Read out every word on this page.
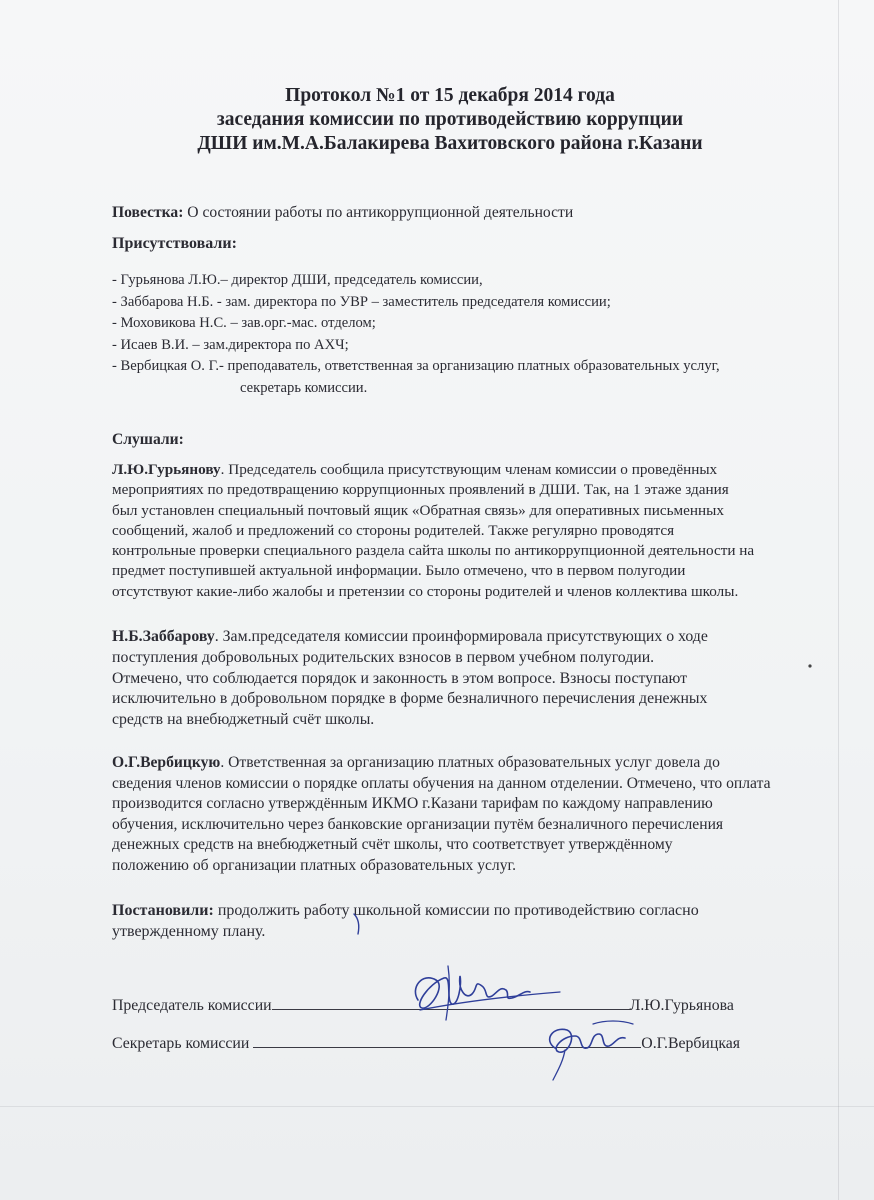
Протокол №1 от 15 декабря 2014 года
заседания комиссии по противодействию коррупции
ДШИ им.М.А.Балакирева Вахитовского района г.Казани
Повестка: О состоянии работы по антикоррупционной деятельности
Присутствовали:
- Гурьянова Л.Ю.– директор ДШИ, председатель комиссии,
- Заббарова Н.Б. - зам. директора по УВР – заместитель председателя комиссии;
- Моховикова Н.С. – зав.орг.-мас. отделом;
- Исаев В.И. – зам.директора по АХЧ;
- Вербицкая О. Г.- преподаватель, ответственная за организацию платных образовательных услуг,
секретарь комиссии.
Слушали:
Л.Ю.Гурьянову. Председатель сообщила присутствующим членам комиссии о проведённых
мероприятиях по предотвращению коррупционных проявлений в ДШИ. Так, на 1 этаже здания
был установлен специальный почтовый ящик «Обратная связь» для оперативных письменных
сообщений, жалоб и предложений со стороны родителей. Также регулярно проводятся
контрольные проверки специального раздела сайта школы по антикоррупционной деятельности на
предмет поступившей актуальной информации. Было отмечено, что в первом полугодии
отсутствуют какие-либо жалобы и претензии со стороны родителей и членов коллектива школы.
Н.Б.Заббарову. Зам.председателя комиссии проинформировала присутствующих о ходе
поступления добровольных родительских взносов в первом учебном полугодии.
Отмечено, что соблюдается порядок и законность в этом вопросе. Взносы поступают
исключительно в добровольном порядке в форме безналичного перечисления денежных
средств на внебюджетный счёт школы.
О.Г.Вербицкую. Ответственная за организацию платных образовательных услуг довела до
сведения членов комиссии о порядке оплаты обучения на данном отделении. Отмечено, что оплата
производится согласно утверждённым ИКМО г.Казани тарифам по каждому направлению
обучения, исключительно через банковские организации путём безналичного перечисления
денежных средств на внебюджетный счёт школы, что соответствует утверждённому
положению об организации платных образовательных услуг.
Постановили: продолжить работу школьной комиссии по противодействию согласно
утвержденному плану.
Председатель комиссии	Л.Ю.Гурьянова
Секретарь комиссии	О.Г.Вербицкая
